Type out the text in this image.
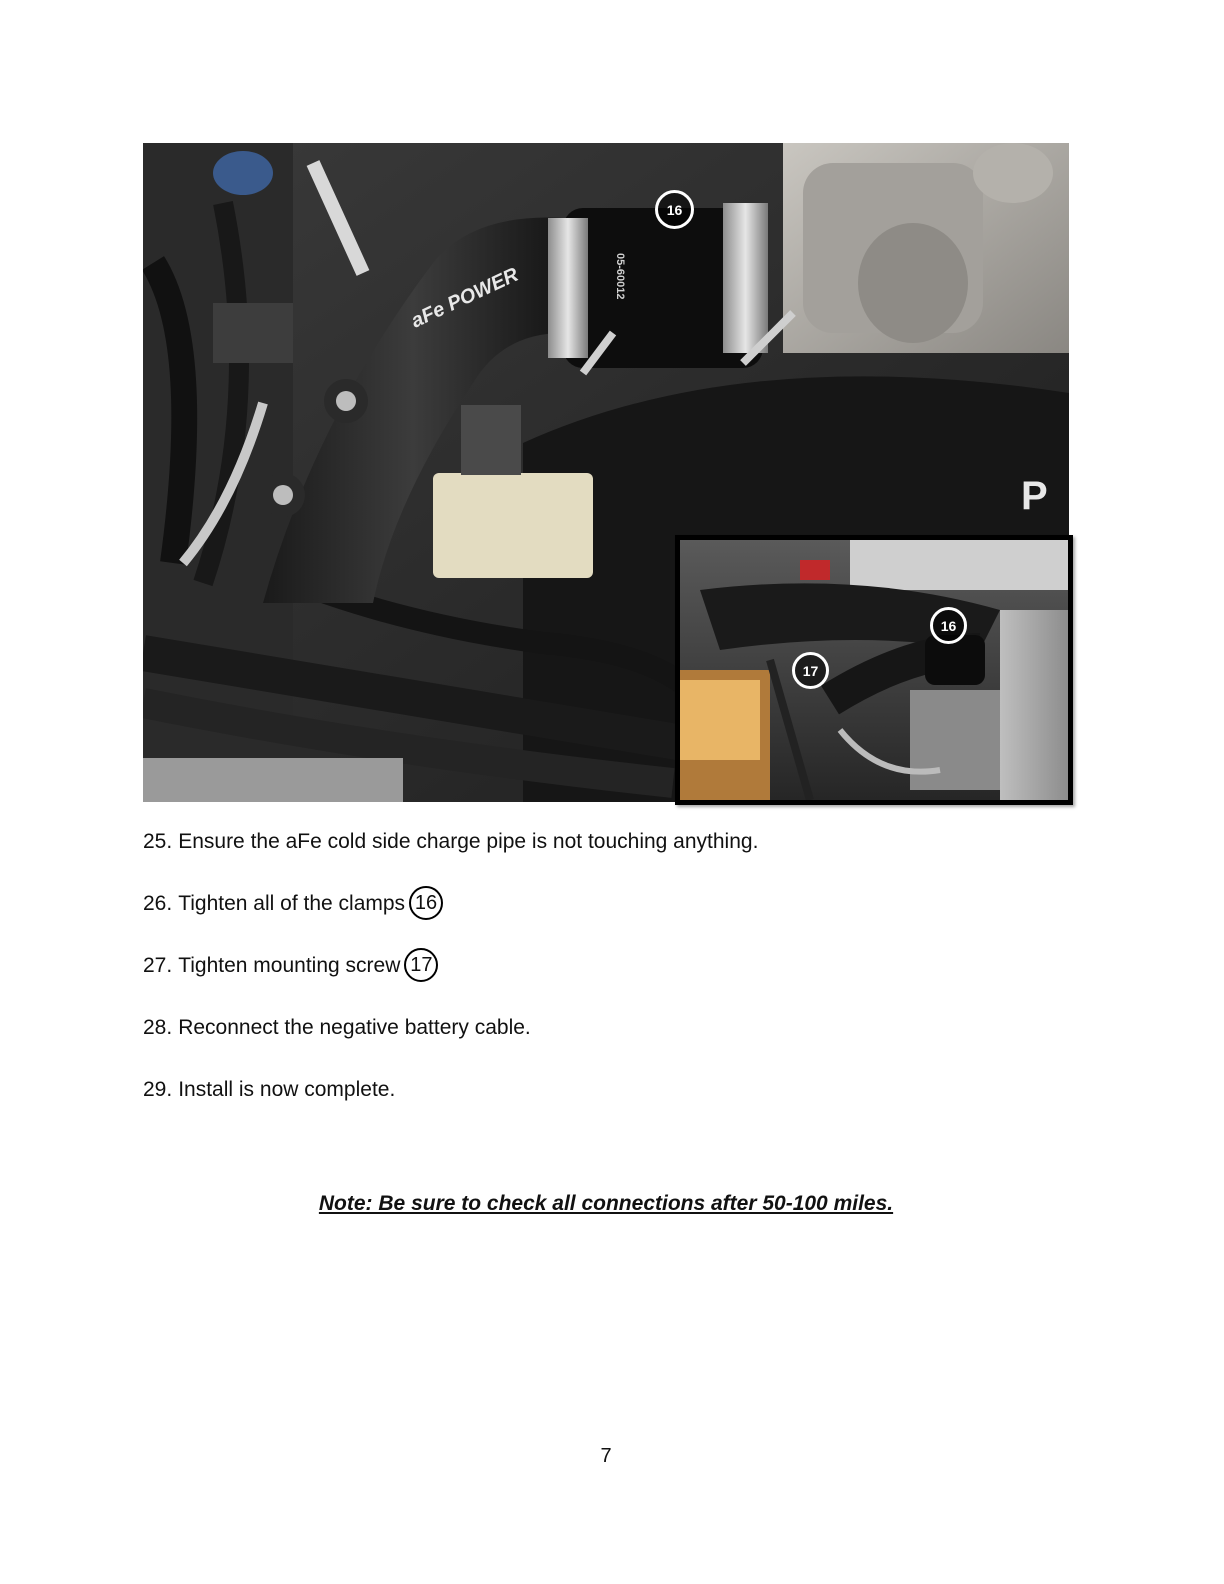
aFe POWER	05-60012
P
16
16
17
25. Ensure the aFe cold side charge pipe is not touching anything.
26. Tighten all of the clamps 16
27. Tighten mounting screw 17
28. Reconnect the negative battery cable.
29. Install is now complete.
Note: Be sure to check all connections after 50-100 miles.
7
